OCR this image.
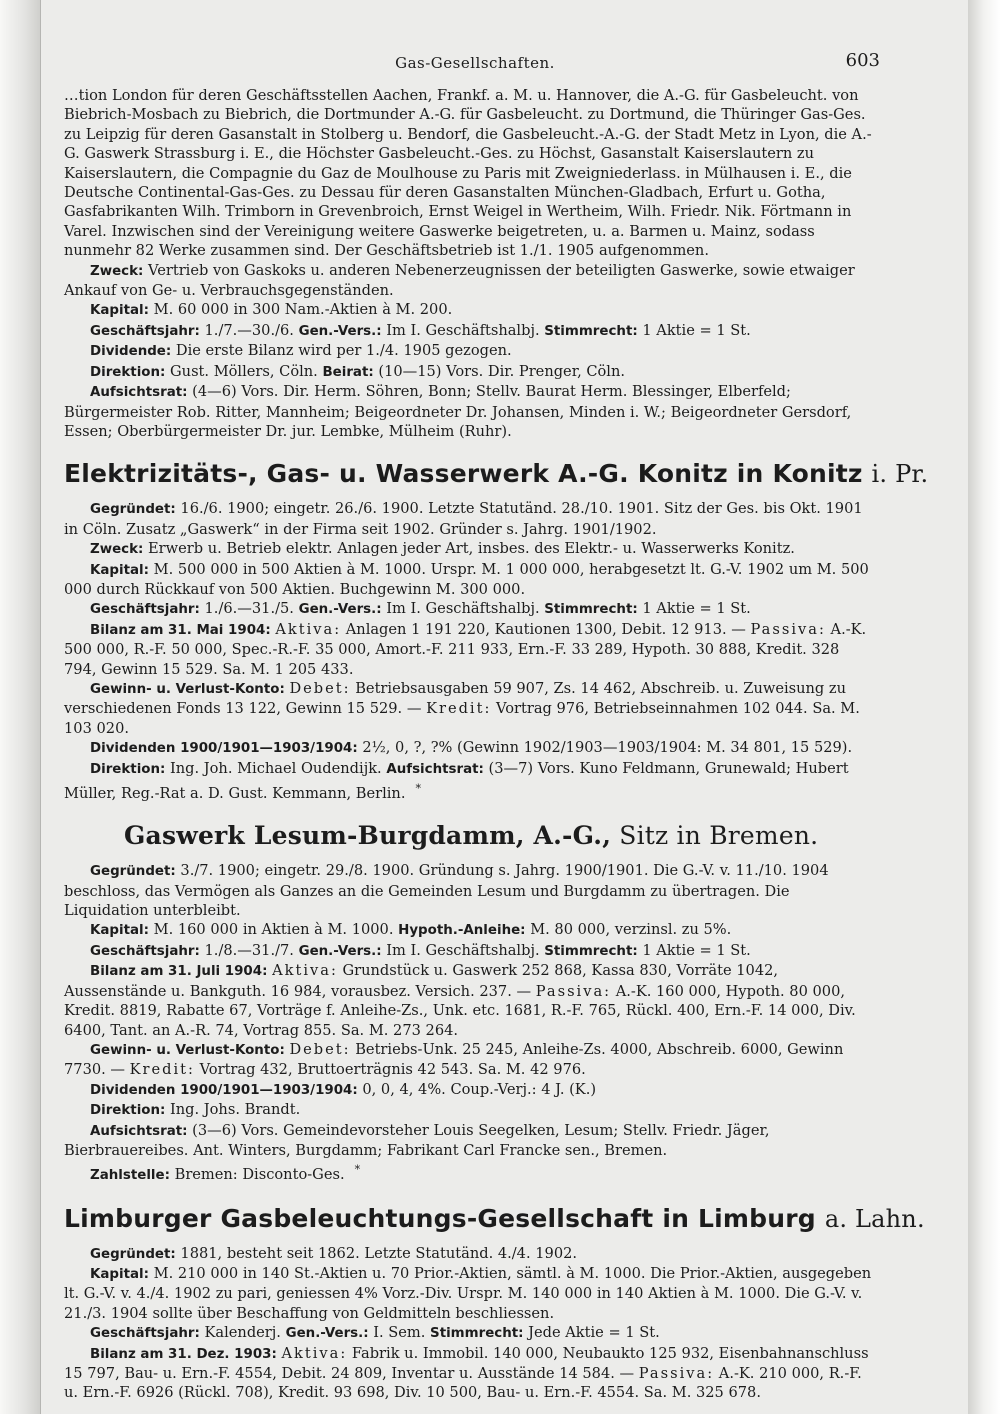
Gas-Gesellschaften.	603

…tion London für deren Geschäftsstellen Aachen, Frankf. a. M. u. Hannover, die A.-G. für Gasbeleucht. von Biebrich-Mosbach zu Biebrich, die Dortmunder A.-G. für Gasbeleucht. zu Dortmund, die Thüringer Gas-Ges. zu Leipzig für deren Gasanstalt in Stolberg u. Bendorf, die Gasbeleucht.-A.-G. der Stadt Metz in Lyon, die A.-G. Gaswerk Strassburg i. E., die Höchster Gasbeleucht.-Ges. zu Höchst, Gasanstalt Kaiserslautern zu Kaiserslautern, die Compagnie du Gaz de Moulhouse zu Paris mit Zweigniederlass. in Mülhausen i. E., die Deutsche Continental-Gas-Ges. zu Dessau für deren Gasanstalten München-Gladbach, Erfurt u. Gotha, Gasfabrikanten Wilh. Trimborn in Grevenbroich, Ernst Weigel in Wertheim, Wilh. Friedr. Nik. Förtmann in Varel. Inzwischen sind der Vereinigung weitere Gaswerke beigetreten, u. a. Barmen u. Mainz, sodass nunmehr 82 Werke zusammen sind. Der Geschäftsbetrieb ist 1./1. 1905 aufgenommen.

Zweck: Vertrieb von Gaskoks u. anderen Nebenerzeugnissen der beteiligten Gaswerke, sowie etwaiger Ankauf von Ge- u. Verbrauchsgegenständen.

Kapital: M. 60 000 in 300 Nam.-Aktien à M. 200.

Geschäftsjahr: 1./7.—30./6. Gen.-Vers.: Im I. Geschäftshalbj. Stimmrecht: 1 Aktie = 1 St.

Dividende: Die erste Bilanz wird per 1./4. 1905 gezogen.

Direktion: Gust. Möllers, Cöln. Beirat: (10—15) Vors. Dir. Prenger, Cöln.

Aufsichtsrat: (4—6) Vors. Dir. Herm. Söhren, Bonn; Stellv. Baurat Herm. Blessinger, Elberfeld; Bürgermeister Rob. Ritter, Mannheim; Beigeordneter Dr. Johansen, Minden i. W.; Beigeordneter Gersdorf, Essen; Oberbürgermeister Dr. jur. Lembke, Mülheim (Ruhr).

Elektrizitäts-, Gas- u. Wasserwerk A.-G. Konitz in Konitz i. Pr.

Gegründet: 16./6. 1900; eingetr. 26./6. 1900. Letzte Statutänd. 28./10. 1901. Sitz der Ges. bis Okt. 1901 in Cöln. Zusatz „Gaswerk“ in der Firma seit 1902. Gründer s. Jahrg. 1901/1902.

Zweck: Erwerb u. Betrieb elektr. Anlagen jeder Art, insbes. des Elektr.- u. Wasserwerks Konitz.

Kapital: M. 500 000 in 500 Aktien à M. 1000. Urspr. M. 1 000 000, herabgesetzt lt. G.-V. 1902 um M. 500 000 durch Rückkauf von 500 Aktien. Buchgewinn M. 300 000.

Geschäftsjahr: 1./6.—31./5. Gen.-Vers.: Im I. Geschäftshalbj. Stimmrecht: 1 Aktie = 1 St.

Bilanz am 31. Mai 1904: Aktiva: Anlagen 1 191 220, Kautionen 1300, Debit. 12 913. — Passiva: A.-K. 500 000, R.-F. 50 000, Spec.-R.-F. 35 000, Amort.-F. 211 933, Ern.-F. 33 289, Hypoth. 30 888, Kredit. 328 794, Gewinn 15 529. Sa. M. 1 205 433.

Gewinn- u. Verlust-Konto: Debet: Betriebsausgaben 59 907, Zs. 14 462, Abschreib. u. Zuweisung zu verschiedenen Fonds 13 122, Gewinn 15 529. — Kredit: Vortrag 976, Betriebseinnahmen 102 044. Sa. M. 103 020.

Dividenden 1900/1901—1903/1904: 2½, 0, ?, ?% (Gewinn 1902/1903—1903/1904: M. 34 801, 15 529).

Direktion: Ing. Joh. Michael Oudendijk. Aufsichtsrat: (3—7) Vors. Kuno Feldmann, Grunewald; Hubert Müller, Reg.-Rat a. D. Gust. Kemmann, Berlin. *

Gaswerk Lesum-Burgdamm, A.-G., Sitz in Bremen.

Gegründet: 3./7. 1900; eingetr. 29./8. 1900. Gründung s. Jahrg. 1900/1901. Die G.-V. v. 11./10. 1904 beschloss, das Vermögen als Ganzes an die Gemeinden Lesum und Burgdamm zu übertragen. Die Liquidation unterbleibt.

Kapital: M. 160 000 in Aktien à M. 1000. Hypoth.-Anleihe: M. 80 000, verzinsl. zu 5%.

Geschäftsjahr: 1./8.—31./7. Gen.-Vers.: Im I. Geschäftshalbj. Stimmrecht: 1 Aktie = 1 St.

Bilanz am 31. Juli 1904: Aktiva: Grundstück u. Gaswerk 252 868, Kassa 830, Vorräte 1042, Aussenstände u. Bankguth. 16 984, vorausbez. Versich. 237. — Passiva: A.-K. 160 000, Hypoth. 80 000, Kredit. 8819, Rabatte 67, Vorträge f. Anleihe-Zs., Unk. etc. 1681, R.-F. 765, Rückl. 400, Ern.-F. 14 000, Div. 6400, Tant. an A.-R. 74, Vortrag 855. Sa. M. 273 264.

Gewinn- u. Verlust-Konto: Debet: Betriebs-Unk. 25 245, Anleihe-Zs. 4000, Abschreib. 6000, Gewinn 7730. — Kredit: Vortrag 432, Bruttoerträgnis 42 543. Sa. M. 42 976.

Dividenden 1900/1901—1903/1904: 0, 0, 4, 4%. Coup.-Verj.: 4 J. (K.)

Direktion: Ing. Johs. Brandt.

Aufsichtsrat: (3—6) Vors. Gemeindevorsteher Louis Seegelken, Lesum; Stellv. Friedr. Jäger, Bierbrauereibes. Ant. Winters, Burgdamm; Fabrikant Carl Francke sen., Bremen.

Zahlstelle: Bremen: Disconto-Ges. *

Limburger Gasbeleuchtungs-Gesellschaft in Limburg a. Lahn.

Gegründet: 1881, besteht seit 1862. Letzte Statutänd. 4./4. 1902.

Kapital: M. 210 000 in 140 St.-Aktien u. 70 Prior.-Aktien, sämtl. à M. 1000. Die Prior.-Aktien, ausgegeben lt. G.-V. v. 4./4. 1902 zu pari, geniessen 4% Vorz.-Div. Urspr. M. 140 000 in 140 Aktien à M. 1000. Die G.-V. v. 21./3. 1904 sollte über Beschaffung von Geldmitteln beschliessen.

Geschäftsjahr: Kalenderj. Gen.-Vers.: I. Sem. Stimmrecht: Jede Aktie = 1 St.

Bilanz am 31. Dez. 1903: Aktiva: Fabrik u. Immobil. 140 000, Neubaukto 125 932, Eisenbahnanschluss 15 797, Bau- u. Ern.-F. 4554, Debit. 24 809, Inventar u. Ausstände 14 584. — Passiva: A.-K. 210 000, R.-F. u. Ern.-F. 6926 (Rückl. 708), Kredit. 93 698, Div. 10 500, Bau- u. Ern.-F. 4554. Sa. M. 325 678.
